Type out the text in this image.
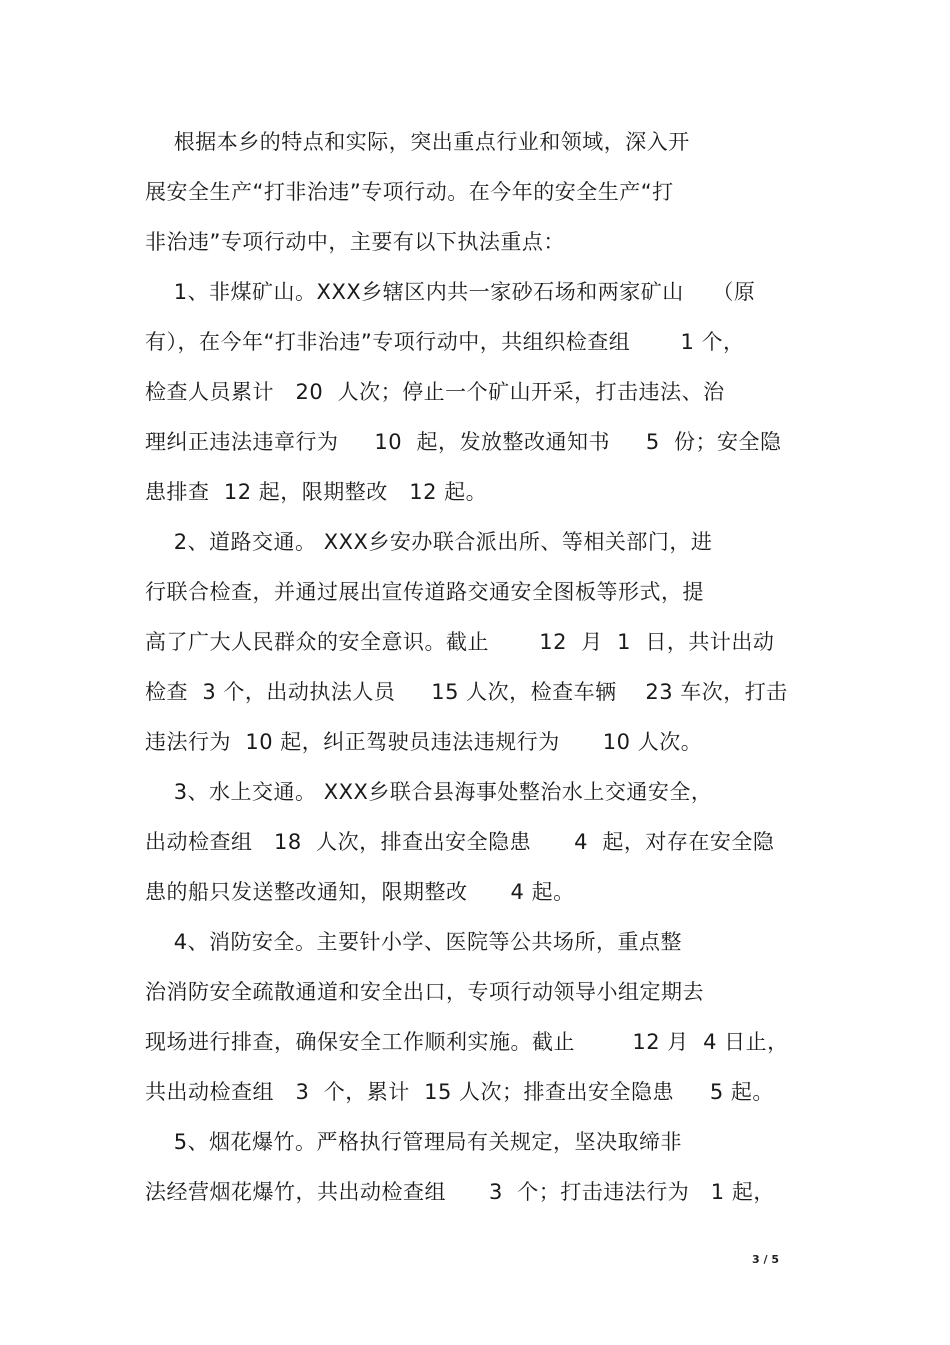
根据本乡的特点和实际，突出重点行业和领域，深入开
展安全生产“打非治违”专项行动。在今年的安全生产“打
非治违”专项行动中，主要有以下执法重点：
1、非煤矿山。XXX乡辖区内共一家砂石场和两家矿山    （原
有），在今年“打非治违”专项行动中，共组织检查组       1 个，
检查人员累计   20  人次；停止一个矿山开采，打击违法、治
理纠正违法违章行为     10  起，发放整改通知书     5  份；安全隐
患排查  12 起，限期整改   12 起。
2、道路交通。 XXX乡安办联合派出所、等相关部门，进
行联合检查，并通过展出宣传道路交通安全图板等形式，提
高了广大人民群众的安全意识。截止       12  月  1  日，共计出动
检查  3 个，出动执法人员     15 人次，检查车辆    23 车次，打击
违法行为  10 起，纠正驾驶员违法违规行为      10 人次。
3、水上交通。 XXX乡联合县海事处整治水上交通安全，
出动检查组   18  人次，排查出安全隐患      4  起，对存在安全隐
患的船只发送整改通知，限期整改      4 起。
4、消防安全。主要针小学、医院等公共场所，重点整
治消防安全疏散通道和安全出口，专项行动领导小组定期去
现场进行排查，确保安全工作顺利实施。截止        12 月  4 日止，
共出动检查组   3  个，累计  15 人次；排查出安全隐患     5 起。
5、烟花爆竹。严格执行管理局有关规定，坚决取缔非
法经营烟花爆竹，共出动检查组      3  个；打击违法行为   1 起，
3 / 5
